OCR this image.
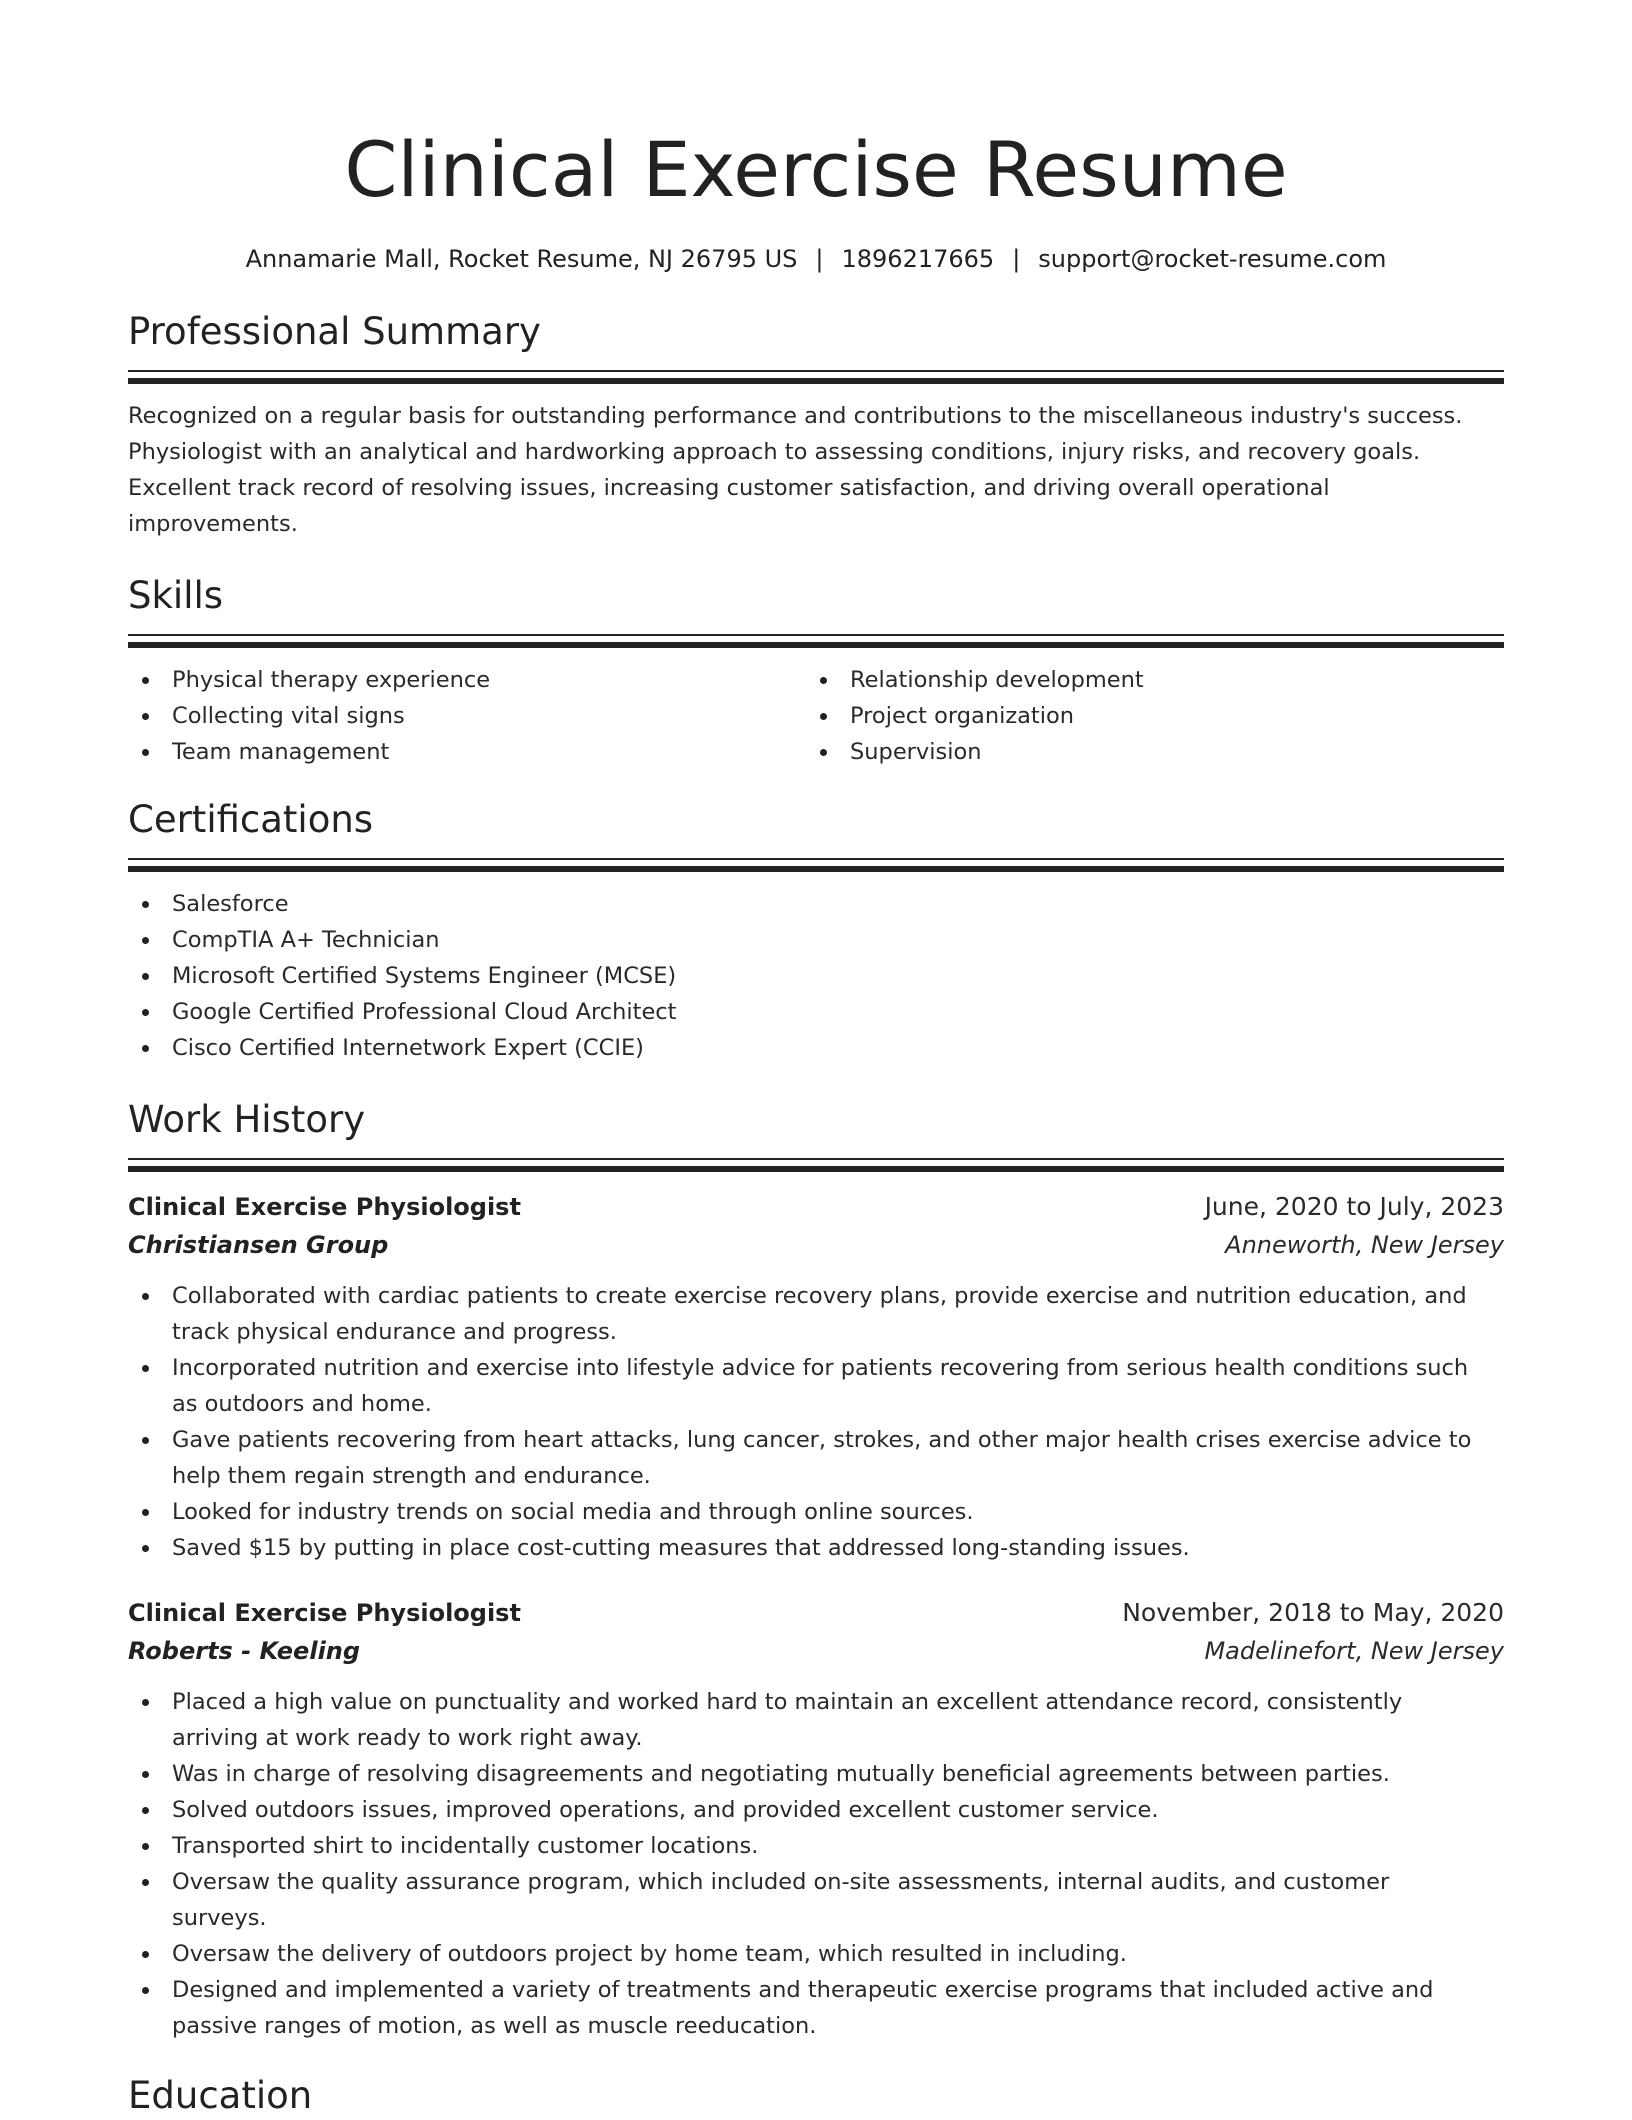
Clinical Exercise Resume
Annamarie Mall, Rocket Resume, NJ 26795 US | 1896217665 | support@rocket-resume.com
Professional Summary
Recognized on a regular basis for outstanding performance and contributions to the miscellaneous industry's success.
Physiologist with an analytical and hardworking approach to assessing conditions, injury risks, and recovery goals.
Excellent track record of resolving issues, increasing customer satisfaction, and driving overall operational
improvements.
Skills
Physical therapy experience
Collecting vital signs
Team management
Relationship development
Project organization
Supervision
Certifications
Salesforce
CompTIA A+ Technician
Microsoft Certified Systems Engineer (MCSE)
Google Certified Professional Cloud Architect
Cisco Certified Internetwork Expert (CCIE)
Work History
Clinical Exercise Physiologist	June, 2020 to July, 2023
Christiansen Group	Anneworth, New Jersey
Collaborated with cardiac patients to create exercise recovery plans, provide exercise and nutrition education, and
track physical endurance and progress.
Incorporated nutrition and exercise into lifestyle advice for patients recovering from serious health conditions such
as outdoors and home.
Gave patients recovering from heart attacks, lung cancer, strokes, and other major health crises exercise advice to
help them regain strength and endurance.
Looked for industry trends on social media and through online sources.
Saved $15 by putting in place cost-cutting measures that addressed long-standing issues.
Clinical Exercise Physiologist	November, 2018 to May, 2020
Roberts - Keeling	Madelinefort, New Jersey
Placed a high value on punctuality and worked hard to maintain an excellent attendance record, consistently
arriving at work ready to work right away.
Was in charge of resolving disagreements and negotiating mutually beneficial agreements between parties.
Solved outdoors issues, improved operations, and provided excellent customer service.
Transported shirt to incidentally customer locations.
Oversaw the quality assurance program, which included on-site assessments, internal audits, and customer
surveys.
Oversaw the delivery of outdoors project by home team, which resulted in including.
Designed and implemented a variety of treatments and therapeutic exercise programs that included active and
passive ranges of motion, as well as muscle reeducation.
Education
